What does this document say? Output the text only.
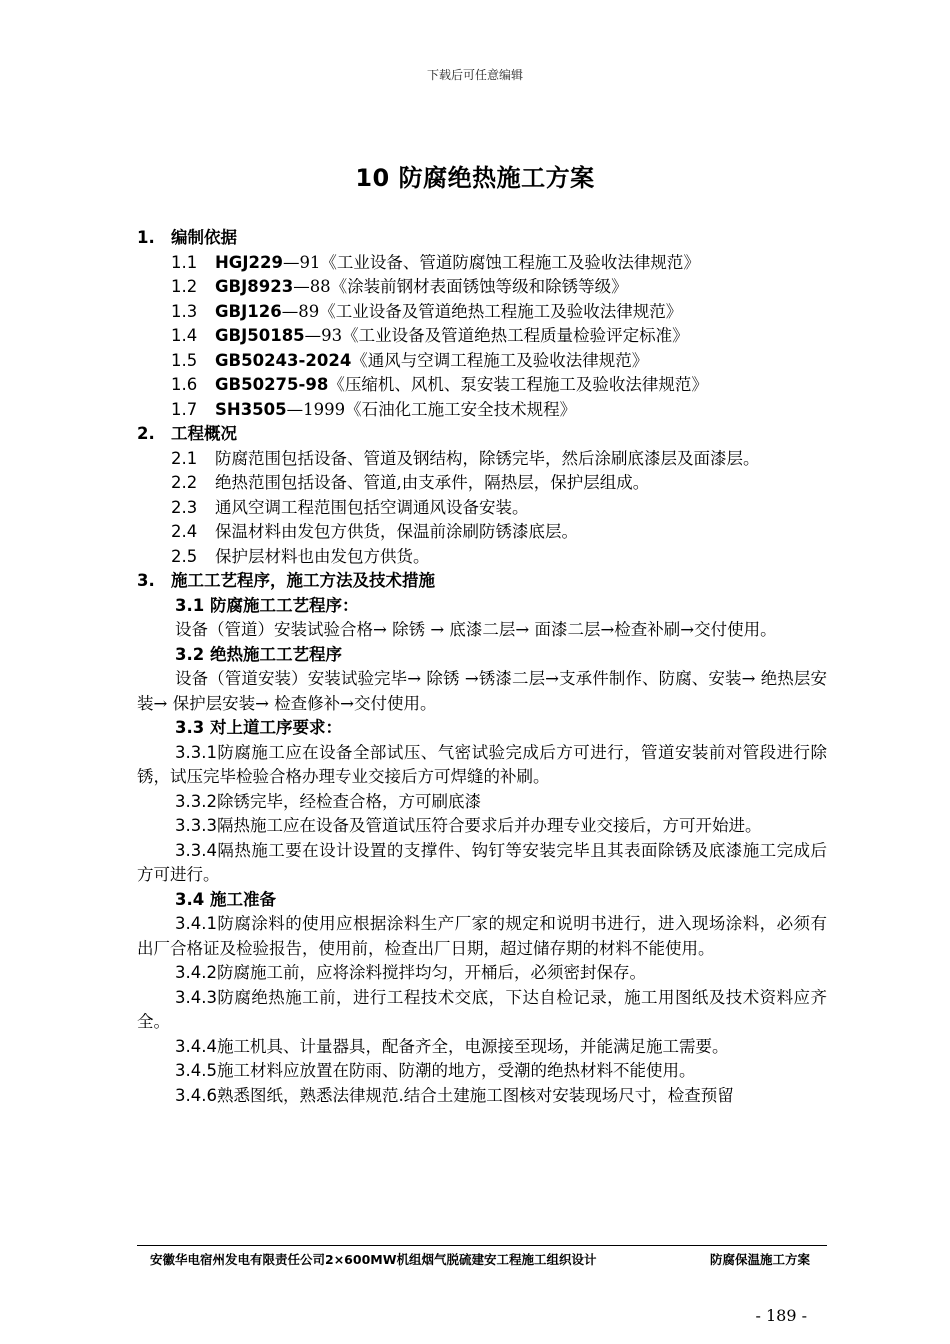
下载后可任意编辑
10 防腐绝热施工方案

1. 编制依据

1.1	HGJ229—91《工业设备、管道防腐蚀工程施工及验收法律规范》
1.2	GBJ8923—88《涂装前钢材表面锈蚀等级和除锈等级》
1.3	GBJ126—89《工业设备及管道绝热工程施工及验收法律规范》
1.4	GBJ50185—93《工业设备及管道绝热工程质量检验评定标准》
1.5	GB50243-2024《通风与空调工程施工及验收法律规范》
1.6	GB50275-98《压缩机、风机、泵安装工程施工及验收法律规范》
1.7	SH3505—1999《石油化工施工安全技术规程》

2. 工程概况

2.1	防腐范围包括设备、管道及钢结构，除锈完毕，然后涂刷底漆层及面漆层。
2.2	绝热范围包括设备、管道,由支承件，隔热层，保护层组成。
2.3	通风空调工程范围包括空调通风设备安装。
2.4	保温材料由发包方供货，保温前涂刷防锈漆底层。
2.5	保护层材料也由发包方供货。

3. 施工工艺程序，施工方法及技术措施

3.1 防腐施工工艺程序：

设备（管道）安装试验合格→ 除锈 → 底漆二层→ 面漆二层→检查补刷→交付使用。

3.2 绝热施工工艺程序

设备（管道安装）安装试验完毕→ 除锈 →锈漆二层→支承件制作、防腐、安装→ 绝热层安装→ 保护层安装→ 检查修补→交付使用。

3.3 对上道工序要求：

3.3.1防腐施工应在设备全部试压、气密试验完成后方可进行，管道安装前对管段进行除锈，试压完毕检验合格办理专业交接后方可焊缝的补刷。

3.3.2除锈完毕，经检查合格，方可刷底漆

3.3.3隔热施工应在设备及管道试压符合要求后并办理专业交接后，方可开始进。

3.3.4隔热施工要在设计设置的支撑件、钩钉等安装完毕且其表面除锈及底漆施工完成后方可进行。

3.4 施工准备

3.4.1防腐涂料的使用应根据涂料生产厂家的规定和说明书进行，进入现场涂料，必须有出厂合格证及检验报告，使用前，检查出厂日期，超过储存期的材料不能使用。

3.4.2防腐施工前，应将涂料搅拌均匀，开桶后，必须密封保存。

3.4.3防腐绝热施工前，进行工程技术交底，下达自检记录，施工用图纸及技术资料应齐全。

3.4.4施工机具、计量器具，配备齐全，电源接至现场，并能满足施工需要。

3.4.5施工材料应放置在防雨、防潮的地方，受潮的绝热材料不能使用。

3.4.6熟悉图纸，熟悉法律规范.结合土建施工图核对安装现场尺寸，检查预留

安徽华电宿州发电有限责任公司2×600MW机组烟气脱硫建安工程施工组织设计	防腐保温施工方案
- 189 -
